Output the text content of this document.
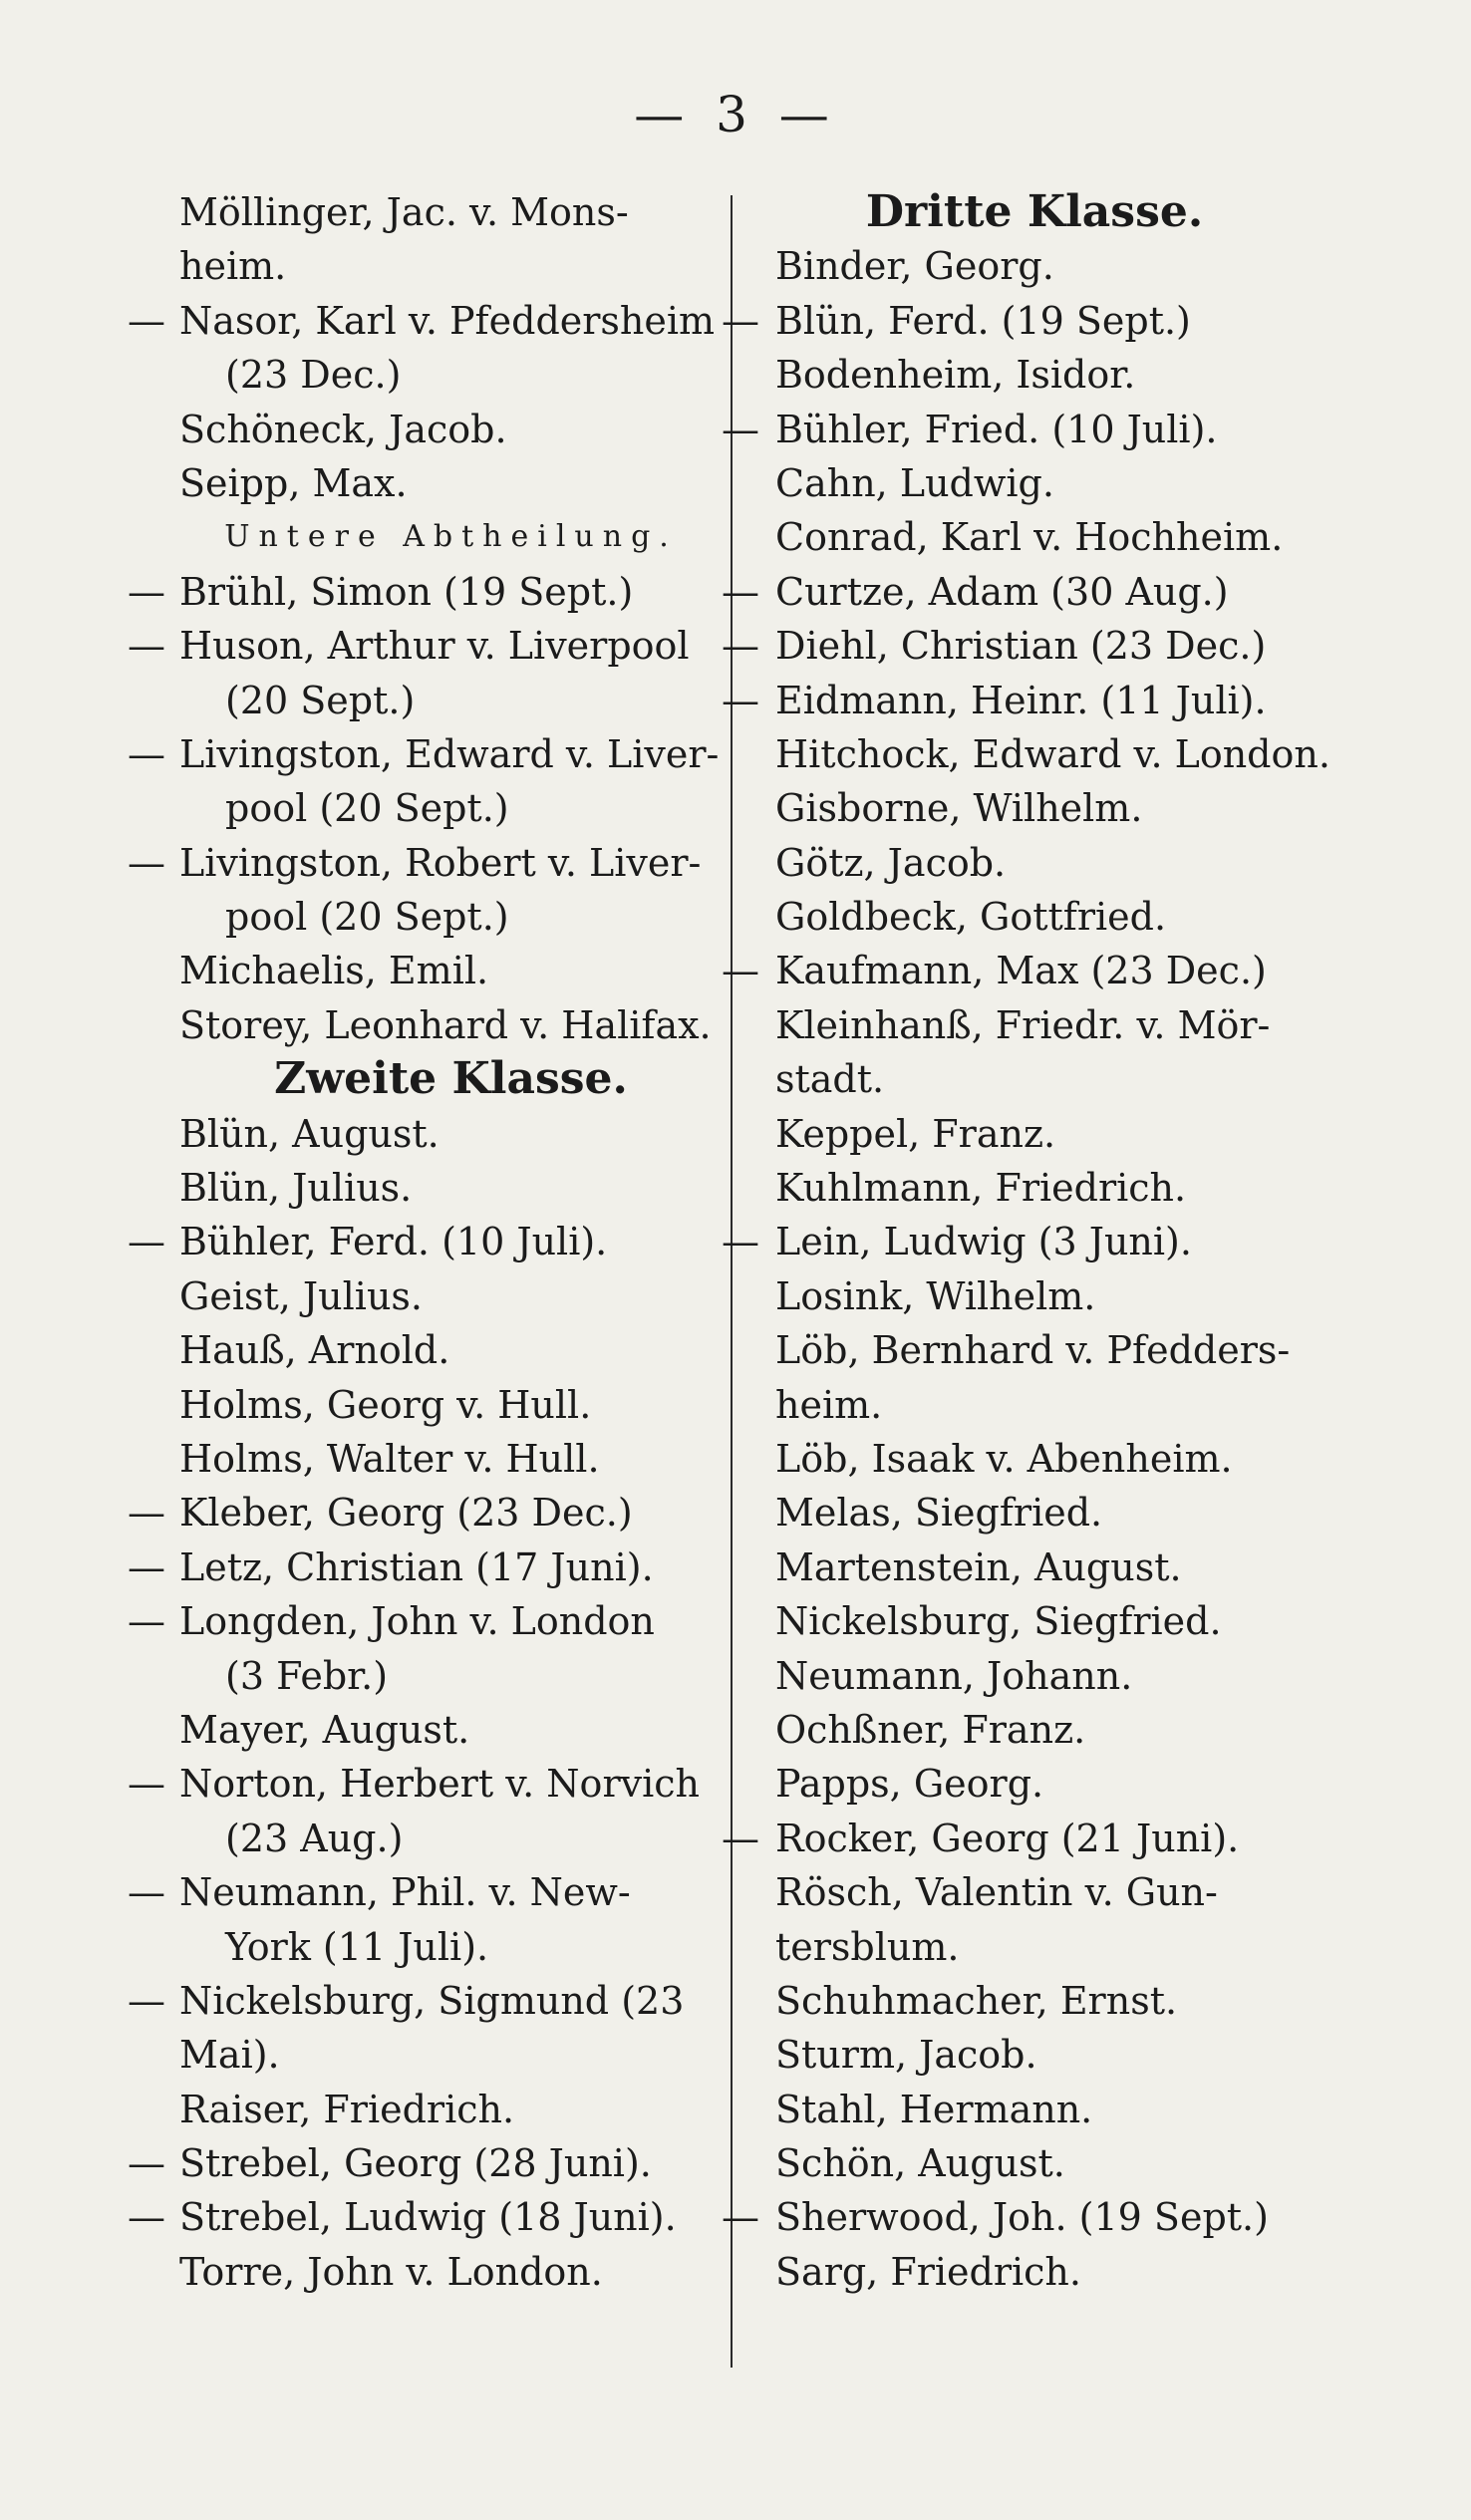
— 3 —
Möllinger, Jac. v. Mons-
heim.
— Nasor, Karl v. Pfeddersheim
(23 Dec.)
Schöneck, Jacob.
Seipp, Max.
Untere Abtheilung.
— Brühl, Simon (19 Sept.)
— Huson, Arthur v. Liverpool
(20 Sept.)
— Livingston, Edward v. Liver-
pool (20 Sept.)
— Livingston, Robert v. Liver-
pool (20 Sept.)
Michaelis, Emil.
Storey, Leonhard v. Halifax.
Zweite Klasse.
Blün, August.
Blün, Julius.
— Bühler, Ferd. (10 Juli).
Geist, Julius.
Hauß, Arnold.
Holms, Georg v. Hull.
Holms, Walter v. Hull.
— Kleber, Georg (23 Dec.)
— Letz, Christian (17 Juni).
— Longden, John v. London
(3 Febr.)
Mayer, August.
— Norton, Herbert v. Norvich
(23 Aug.)
— Neumann, Phil. v. New-
York (11 Juli).
— Nickelsburg, Sigmund (23
Mai).
Raiser, Friedrich.
— Strebel, Georg (28 Juni).
— Strebel, Ludwig (18 Juni).
Torre, John v. London.
Dritte Klasse.
Binder, Georg.
— Blün, Ferd. (19 Sept.)
Bodenheim, Isidor.
— Bühler, Fried. (10 Juli).
Cahn, Ludwig.
Conrad, Karl v. Hochheim.
— Curtze, Adam (30 Aug.)
— Diehl, Christian (23 Dec.)
— Eidmann, Heinr. (11 Juli).
Hitchock, Edward v. London.
Gisborne, Wilhelm.
Götz, Jacob.
Goldbeck, Gottfried.
— Kaufmann, Max (23 Dec.)
Kleinhanß, Friedr. v. Mör-
stadt.
Keppel, Franz.
Kuhlmann, Friedrich.
— Lein, Ludwig (3 Juni).
Losink, Wilhelm.
Löb, Bernhard v. Pfedders-
heim.
Löb, Isaak v. Abenheim.
Melas, Siegfried.
Martenstein, August.
Nickelsburg, Siegfried.
Neumann, Johann.
Ochßner, Franz.
Papps, Georg.
— Rocker, Georg (21 Juni).
Rösch, Valentin v. Gun-
tersblum.
Schuhmacher, Ernst.
Sturm, Jacob.
Stahl, Hermann.
Schön, August.
— Sherwood, Joh. (19 Sept.)
Sarg, Friedrich.
